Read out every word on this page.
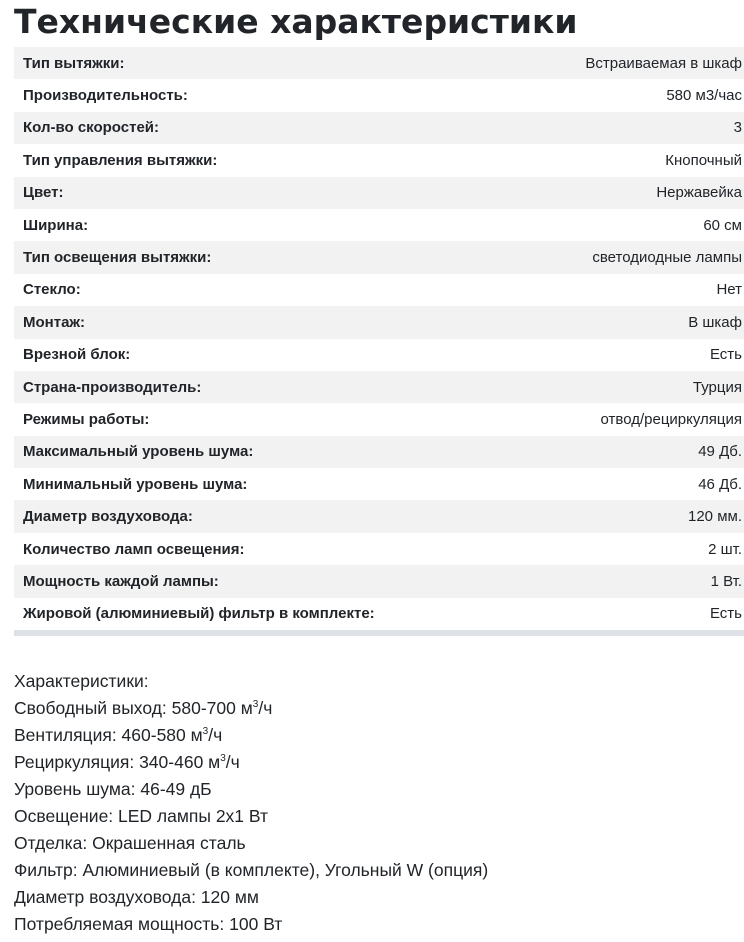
Технические характеристики
Тип вытяжки:	Встраиваемая в шкаф
Производительность:	580 м3/час
Кол-во скоростей:	3
Тип управления вытяжки:	Кнопочный
Цвет:	Нержавейка
Ширина:	60 см
Тип освещения вытяжки:	светодиодные лампы
Стекло:	Нет
Монтаж:	В шкаф
Врезной блок:	Есть
Страна-производитель:	Турция
Режимы работы:	отвод/рециркуляция
Максимальный уровень шума:	49 Дб.
Минимальный уровень шума:	46 Дб.
Диаметр воздуховода:	120 мм.
Количество ламп освещения:	2 шт.
Мощность каждой лампы:	1 Вт.
Жировой (алюминиевый) фильтр в комплекте:	Есть
Характеристики:
Свободный выход: 580-700 $м^3/ч$
Вентиляция: 460-580 $м^3/ч$
Рециркуляция: 340-460 $м^3/ч$
Уровень шума: 46-49 дБ
Освещение: LED лампы 2х1 Вт
Отделка: Окрашенная сталь
Фильтр: Алюминиевый (в комплекте), Угольный W (опция)
Диаметр воздуховода: 120 мм
Потребляемая мощность: 100 Вт
